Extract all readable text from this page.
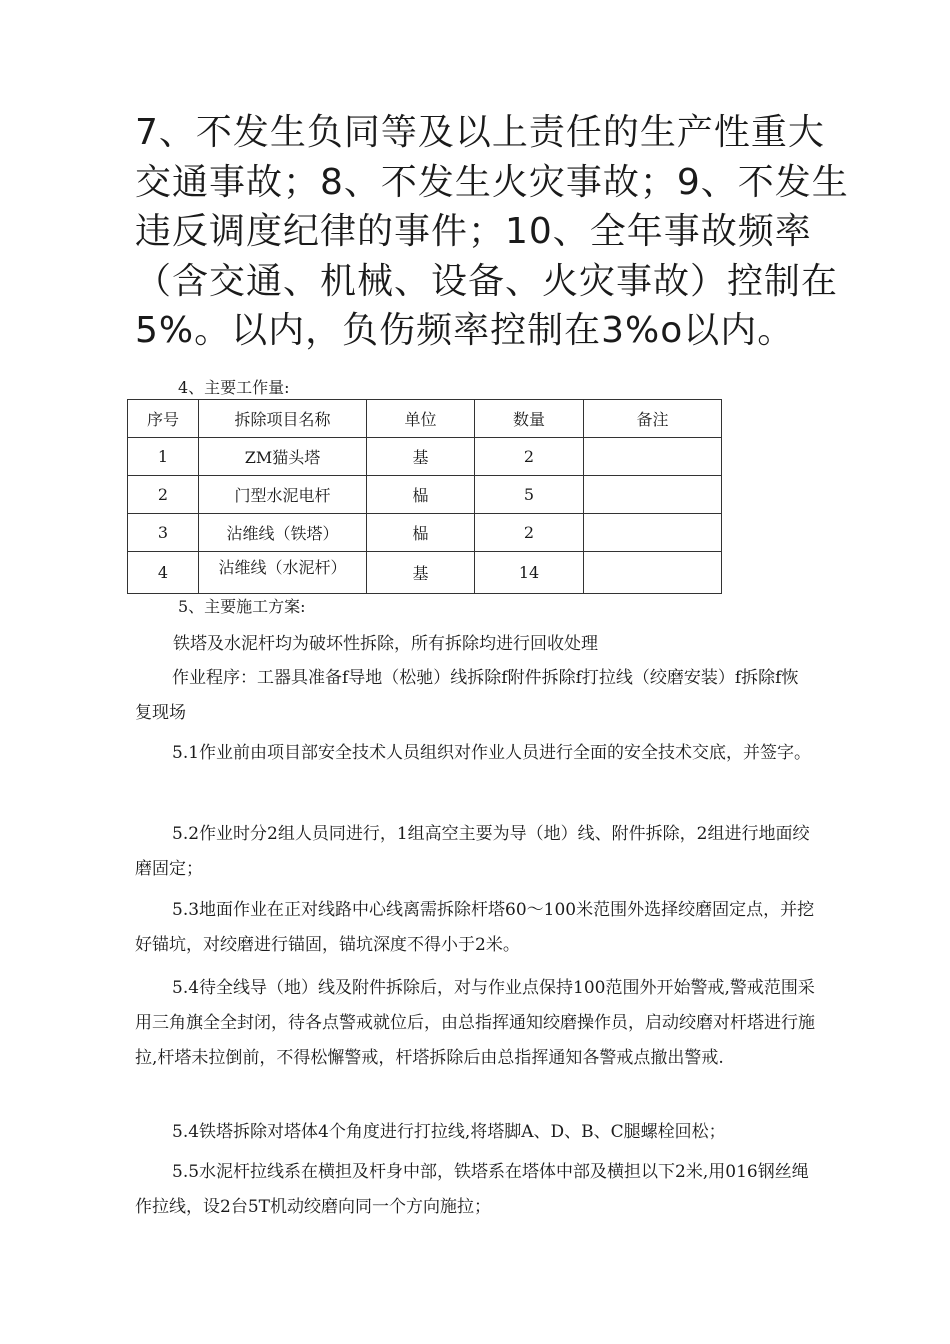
7、不发生负同等及以上责任的生产性重大交通事故；8、不发生火灾事故；9、不发生违反调度纪律的事件；10、全年事故频率（含交通、机械、设备、火灾事故）控制在5%。以内，负伤频率控制在3%o以内。

4、主要工作量:

序号	拆除项目名称	单位	数量	备注
1	ZM猫头塔	基	2	
2	门型水泥电杆	榀	5	
3	沾维线（铁塔）	榀	2	
4	沾维线（水泥杆）	基	14	

5、主要施工方案:

铁塔及水泥杆均为破坏性拆除，所有拆除均进行回收处理

作业程序：工器具准备f导地（松驰）线拆除f附件拆除f打拉线（绞磨安装）f拆除f恢复现场

5.1作业前由项目部安全技术人员组织对作业人员进行全面的安全技术交底，并签字。

5.2作业时分2组人员同进行，1组高空主要为导（地）线、附件拆除，2组进行地面绞磨固定；

5.3地面作业在正对线路中心线离需拆除杆塔60〜100米范围外选择绞磨固定点，并挖好锚坑，对绞磨进行锚固，锚坑深度不得小于2米。

5.4待全线导（地）线及附件拆除后，对与作业点保持100范围外开始警戒,警戒范围采用三角旗全全封闭，待各点警戒就位后，由总指挥通知绞磨操作员，启动绞磨对杆塔进行施拉,杆塔未拉倒前，不得松懈警戒，杆塔拆除后由总指挥通知各警戒点撤出警戒.

5.4铁塔拆除对塔体4个角度进行打拉线,将塔脚A、D、B、C腿螺栓回松；

5.5水泥杆拉线系在横担及杆身中部，铁塔系在塔体中部及横担以下2米,用016钢丝绳作拉线，设2台5T机动绞磨向同一个方向施拉；
